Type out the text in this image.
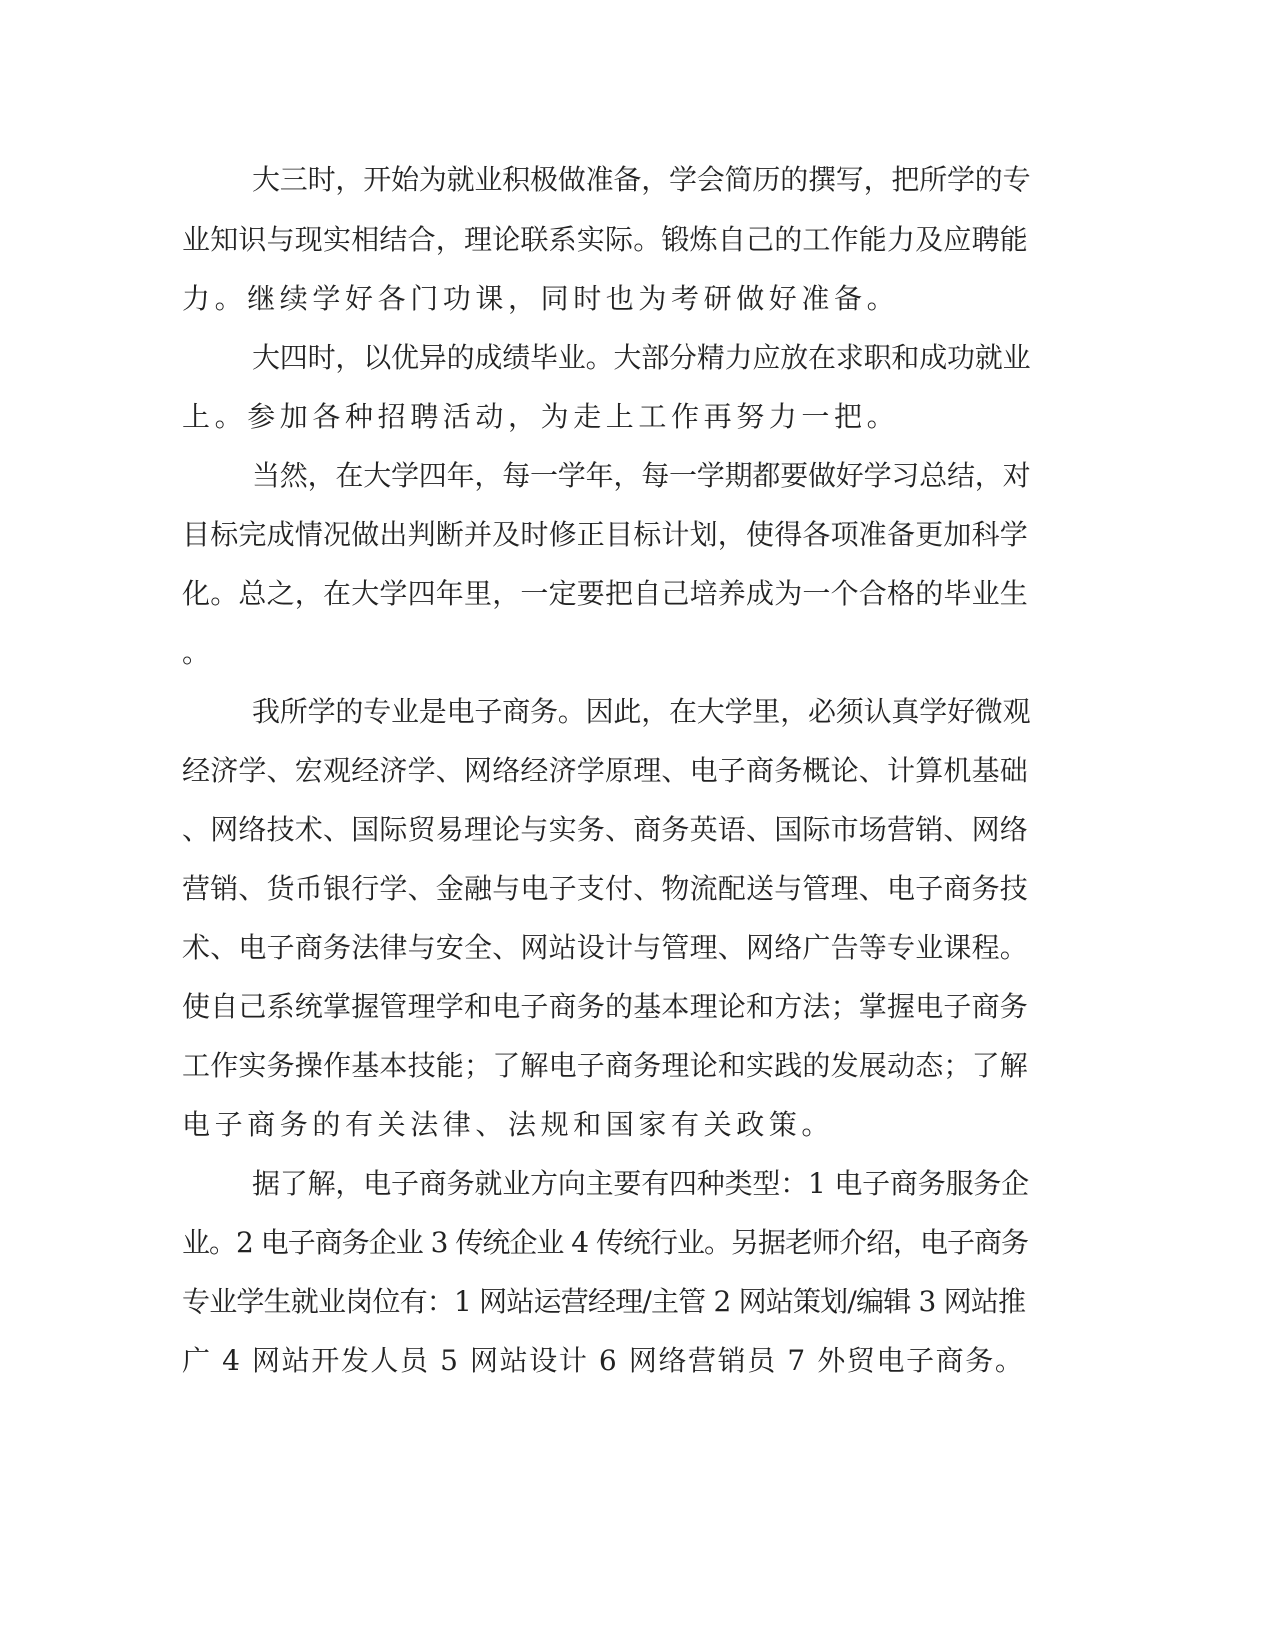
大三时，开始为就业积极做准备，学会简历的撰写，把所学的专
业知识与现实相结合，理论联系实际。锻炼自己的工作能力及应聘能
力。继续学好各门功课，同时也为考研做好准备。
大四时，以优异的成绩毕业。大部分精力应放在求职和成功就业
上。参加各种招聘活动，为走上工作再努力一把。
当然，在大学四年，每一学年，每一学期都要做好学习总结，对
目标完成情况做出判断并及时修正目标计划，使得各项准备更加科学
化。总之，在大学四年里，一定要把自己培养成为一个合格的毕业生
。
我所学的专业是电子商务。因此，在大学里，必须认真学好微观
经济学、宏观经济学、网络经济学原理、电子商务概论、计算机基础
、网络技术、国际贸易理论与实务、商务英语、国际市场营销、网络
营销、货币银行学、金融与电子支付、物流配送与管理、电子商务技
术、电子商务法律与安全、网站设计与管理、网络广告等专业课程。
使自己系统掌握管理学和电子商务的基本理论和方法；掌握电子商务
工作实务操作基本技能；了解电子商务理论和实践的发展动态；了解
电子商务的有关法律、法规和国家有关政策。
据了解，电子商务就业方向主要有四种类型：1 电子商务服务企
业。2 电子商务企业 3 传统企业 4 传统行业。另据老师介绍，电子商务
专业学生就业岗位有：1 网站运营经理/主管 2 网站策划/编辑 3 网站推
广 4 网站开发人员 5 网站设计 6 网络营销员 7 外贸电子商务。
